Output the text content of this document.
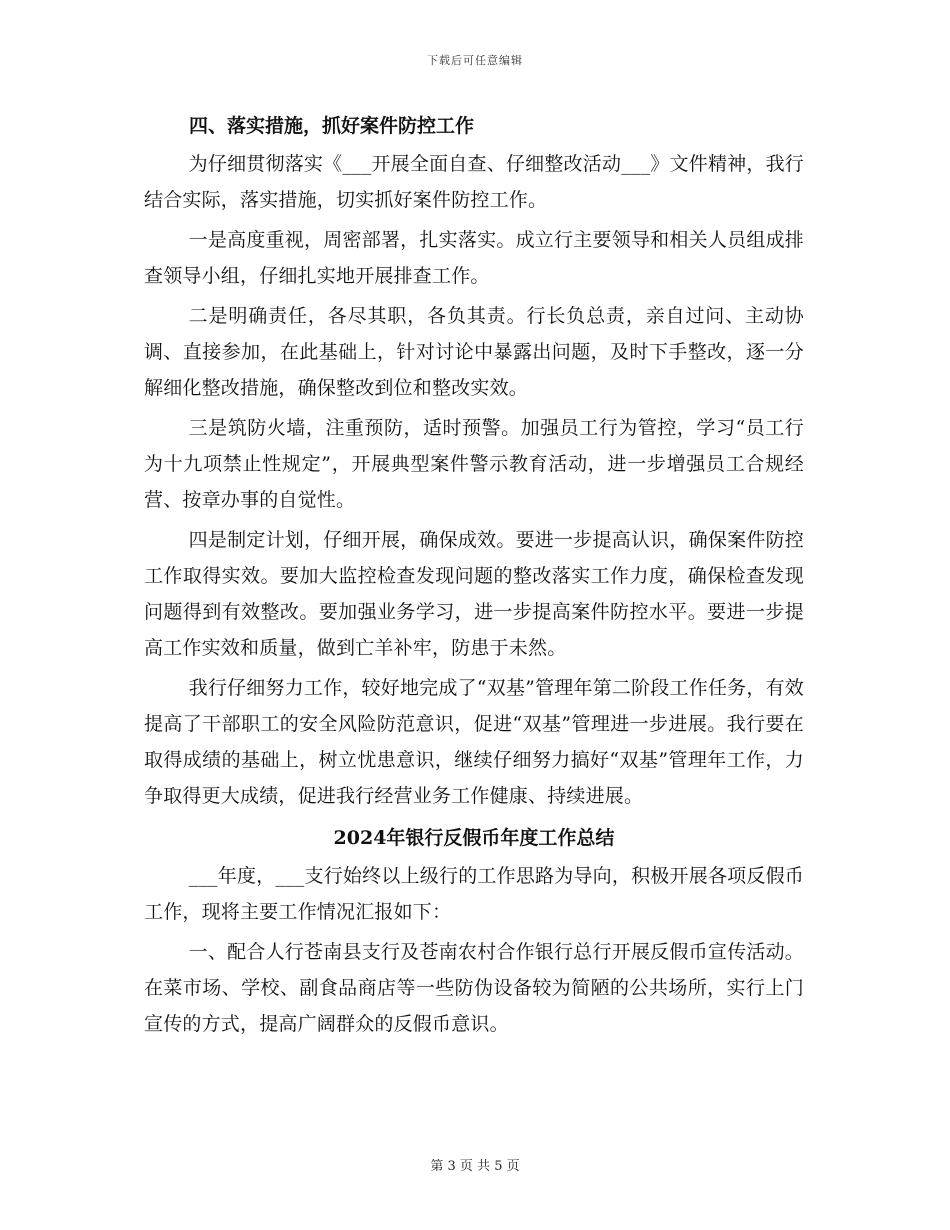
下载后可任意编辑
四、落实措施，抓好案件防控工作

为仔细贯彻落实《___开展全面自查、仔细整改活动___》文件精神，我行结合实际，落实措施，切实抓好案件防控工作。

一是高度重视，周密部署，扎实落实。成立行主要领导和相关人员组成排查领导小组，仔细扎实地开展排查工作。

二是明确责任，各尽其职，各负其责。行长负总责，亲自过问、主动协调、直接参加，在此基础上，针对讨论中暴露出问题，及时下手整改，逐一分解细化整改措施，确保整改到位和整改实效。

三是筑防火墙，注重预防，适时预警。加强员工行为管控，学习“员工行为十九项禁止性规定”，开展典型案件警示教育活动，进一步增强员工合规经营、按章办事的自觉性。

四是制定计划，仔细开展，确保成效。要进一步提高认识，确保案件防控工作取得实效。要加大监控检查发现问题的整改落实工作力度，确保检查发现问题得到有效整改。要加强业务学习，进一步提高案件防控水平。要进一步提高工作实效和质量，做到亡羊补牢，防患于未然。

我行仔细努力工作，较好地完成了“双基”管理年第二阶段工作任务，有效提高了干部职工的安全风险防范意识，促进“双基”管理进一步进展。我行要在取得成绩的基础上，树立忧患意识，继续仔细努力搞好“双基”管理年工作，力争取得更大成绩，促进我行经营业务工作健康、持续进展。

2024年银行反假币年度工作总结

___年度，___支行始终以上级行的工作思路为导向，积极开展各项反假币工作，现将主要工作情况汇报如下：

一、配合人行苍南县支行及苍南农村合作银行总行开展反假币宣传活动。在菜市场、学校、副食品商店等一些防伪设备较为简陋的公共场所，实行上门宣传的方式，提高广阔群众的反假币意识。

第 3 页 共 5 页
